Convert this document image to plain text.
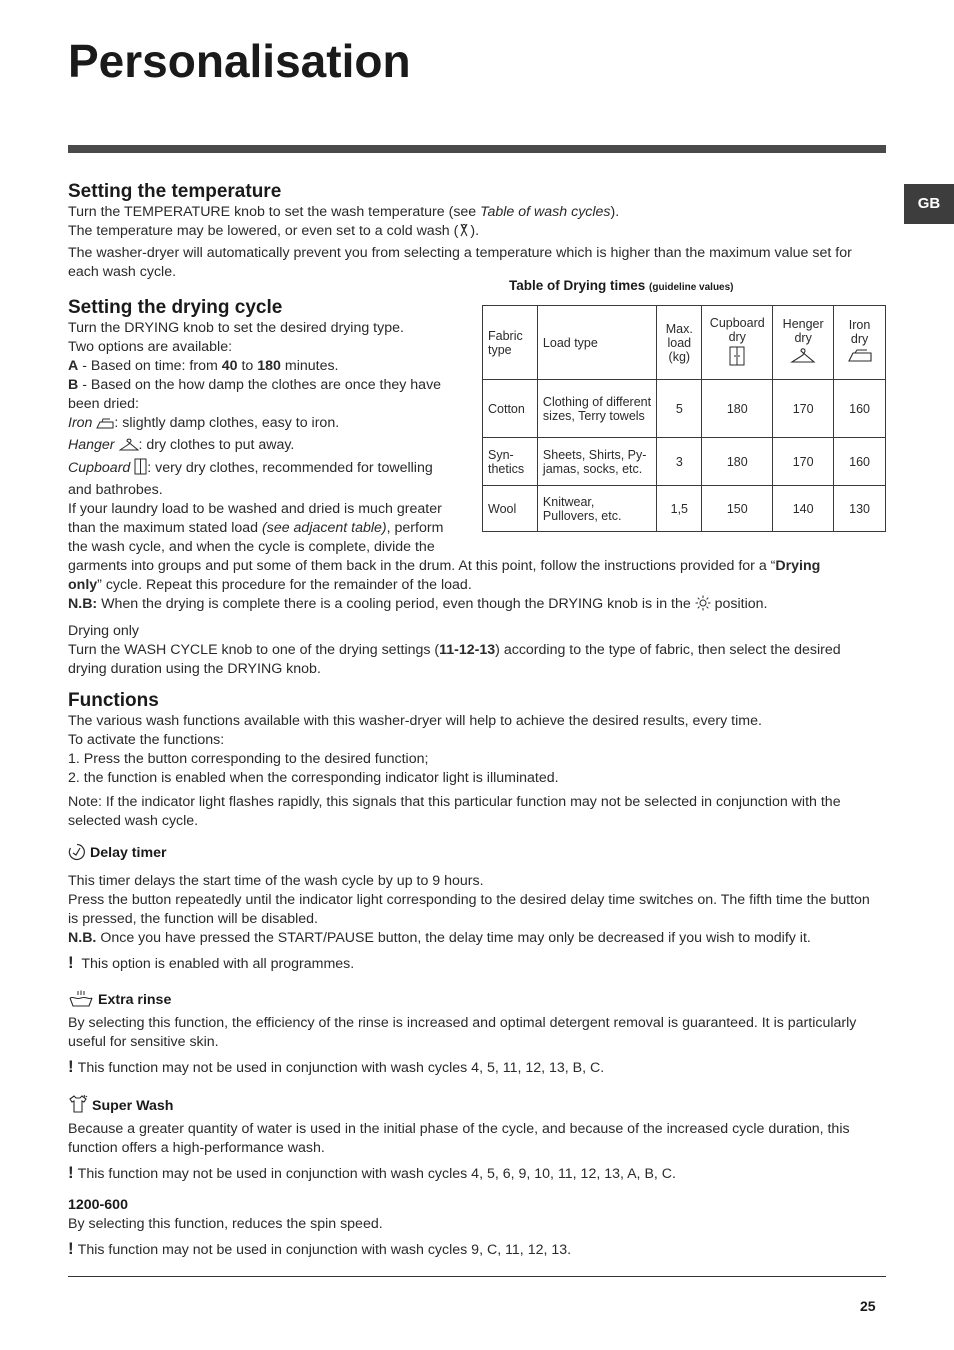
Personalisation
GB
Setting the temperature
Turn the TEMPERATURE knob to set the wash temperature (see Table of wash cycles).
The temperature may be lowered, or even set to a cold wash ( ).
The washer-dryer will automatically prevent you from selecting a temperature which is higher than the maximum value set for
each wash cycle.
Table of Drying times (guideline values)
Fabric type	Load type	Max. load (kg)	Cupboard dry	Henger dry	Iron dry

Cotton	Clothing of different sizes, Terry towels	5	180	170	160
Syn-thetics	Sheets, Shirts, Py-jamas, socks, etc.	3	180	170	160
Wool	Knitwear, Pullovers, etc.	1,5	150	140	130
Setting the drying cycle
Turn the DRYING knob to set the desired drying type.
Two options are available:
A - Based on time: from 40 to 180 minutes.
B - Based on the how damp the clothes are once they have
been dried:
Iron : slightly damp clothes, easy to iron.
Hanger : dry clothes to put away.
Cupboard : very dry clothes, recommended for towelling
and bathrobes.
If your laundry load to be washed and dried is much greater
than the maximum stated load (see adjacent table), perform
the wash cycle, and when the cycle is complete, divide the
garments into groups and put some of them back in the drum. At this point, follow the instructions provided for a “Drying
only” cycle. Repeat this procedure for the remainder of the load.
N.B: When the drying is complete there is a cooling period, even though the DRYING knob is in the  position.
Drying only
Turn the WASH CYCLE knob to one of the drying settings (11-12-13) according to the type of fabric, then select the desired
drying duration using the DRYING knob.
Functions
The various wash functions available with this washer-dryer will help to achieve the desired results, every time.
To activate the functions:
1. Press the button corresponding to the desired function;
2. the function is enabled when the corresponding indicator light is illuminated.
Note: If the indicator light flashes rapidly, this signals that this particular function may not be selected in conjunction with the
selected wash cycle.
Delay timer
This timer delays the start time of the wash cycle by up to 9 hours.
Press the button repeatedly until the indicator light corresponding to the desired delay time switches on. The fifth time the button
is pressed, the function will be disabled.
N.B. Once you have pressed the START/PAUSE button, the delay time may only be decreased if you wish to modify it.
! This option is enabled with all programmes.
Extra rinse
By selecting this function, the efficiency of the rinse is increased and optimal detergent removal is guaranteed. It is particularly
useful for sensitive skin.
! This function may not be used in conjunction with wash cycles 4, 5, 11, 12, 13, B, C.
Super Wash
Because a greater quantity of water is used in the initial phase of the cycle, and because of the increased cycle duration, this
function offers a high-performance wash.
! This function may not be used in conjunction with wash cycles 4, 5, 6, 9, 10, 11, 12, 13, A, B, C.
1200-600
By selecting this function, reduces the spin speed.
! This function may not be used in conjunction with wash cycles 9, C, 11, 12, 13.
25
